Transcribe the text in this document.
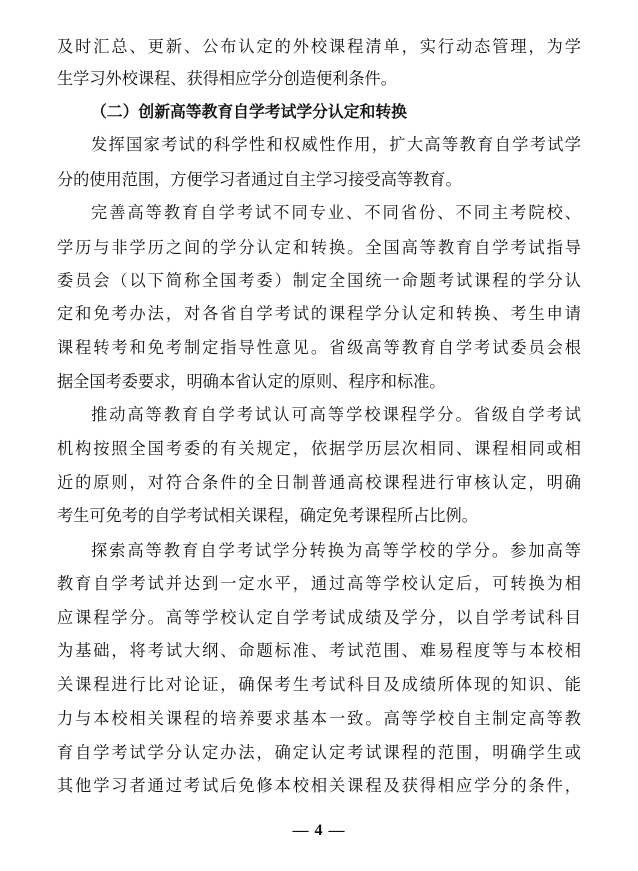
及时汇总、更新、公布认定的外校课程清单，实行动态管理，为学
生学习外校课程、获得相应学分创造便利条件。
（二）创新高等教育自学考试学分认定和转换
发挥国家考试的科学性和权威性作用，扩大高等教育自学考试学
分的使用范围，方便学习者通过自主学习接受高等教育。
完善高等教育自学考试不同专业、不同省份、不同主考院校、
学历与非学历之间的学分认定和转换。全国高等教育自学考试指导
委员会（以下简称全国考委）制定全国统一命题考试课程的学分认
定和免考办法，对各省自学考试的课程学分认定和转换、考生申请
课程转考和免考制定指导性意见。省级高等教育自学考试委员会根
据全国考委要求，明确本省认定的原则、程序和标准。
推动高等教育自学考试认可高等学校课程学分。省级自学考试
机构按照全国考委的有关规定，依据学历层次相同、课程相同或相
近的原则，对符合条件的全日制普通高校课程进行审核认定，明确
考生可免考的自学考试相关课程，确定免考课程所占比例。
探索高等教育自学考试学分转换为高等学校的学分。参加高等
教育自学考试并达到一定水平，通过高等学校认定后，可转换为相
应课程学分。高等学校认定自学考试成绩及学分，以自学考试科目
为基础，将考试大纲、命题标准、考试范围、难易程度等与本校相
关课程进行比对论证，确保考生考试科目及成绩所体现的知识、能
力与本校相关课程的培养要求基本一致。高等学校自主制定高等教
育自学考试学分认定办法，确定认定考试课程的范围，明确学生或
其他学习者通过考试后免修本校相关课程及获得相应学分的条件，
— 4 —
